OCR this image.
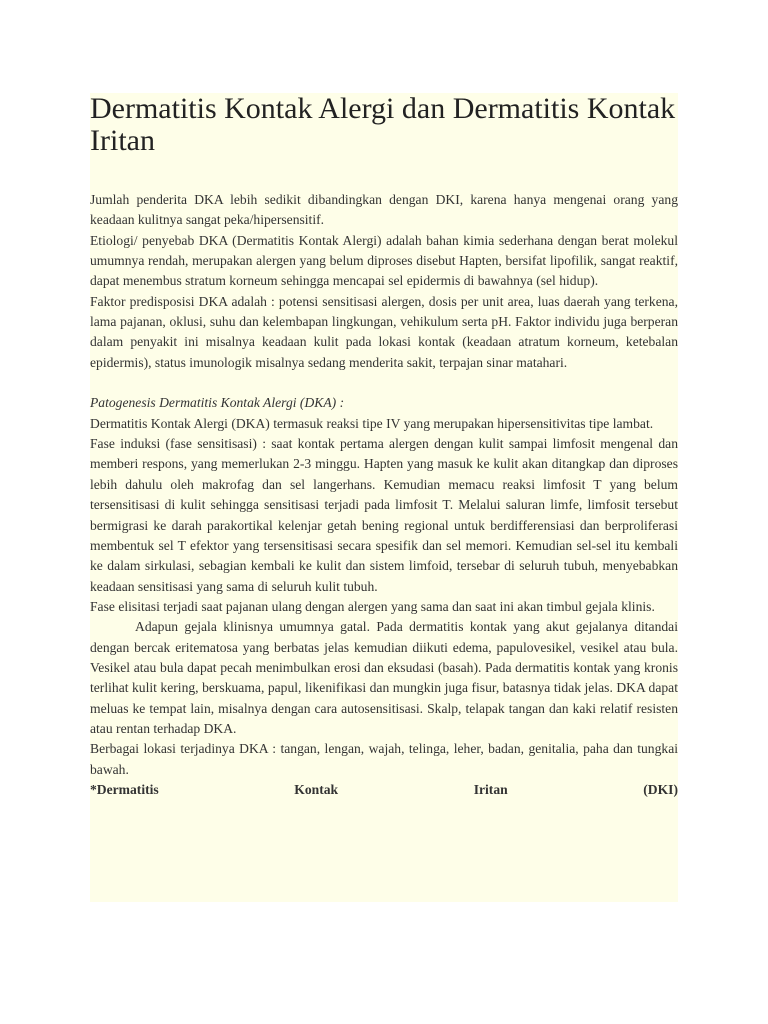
Dermatitis Kontak Alergi dan Dermatitis Kontak Iritan

Jumlah penderita DKA lebih sedikit dibandingkan dengan DKI, karena hanya mengenai orang yang keadaan kulitnya sangat peka/hipersensitif.

Etiologi/ penyebab DKA (Dermatitis Kontak Alergi) adalah bahan kimia sederhana dengan berat molekul umumnya rendah, merupakan alergen yang belum diproses disebut Hapten, bersifat lipofilik, sangat reaktif, dapat menembus stratum korneum sehingga mencapai sel epidermis di bawahnya (sel hidup).

Faktor predisposisi DKA adalah : potensi sensitisasi alergen, dosis per unit area, luas daerah yang terkena, lama pajanan, oklusi, suhu dan kelembapan lingkungan, vehikulum serta pH. Faktor individu juga berperan dalam penyakit ini misalnya keadaan kulit pada lokasi kontak (keadaan atratum korneum, ketebalan epidermis), status imunologik misalnya sedang menderita sakit, terpajan sinar matahari.

Patogenesis Dermatitis Kontak Alergi (DKA) :

Dermatitis Kontak Alergi (DKA) termasuk reaksi tipe IV yang merupakan hipersensitivitas tipe lambat.

Fase induksi (fase sensitisasi) : saat kontak pertama alergen dengan kulit sampai limfosit mengenal dan memberi respons, yang memerlukan 2-3 minggu. Hapten yang masuk ke kulit akan ditangkap dan diproses lebih dahulu oleh makrofag dan sel langerhans. Kemudian memacu reaksi limfosit T yang belum tersensitisasi di kulit sehingga sensitisasi terjadi pada limfosit T. Melalui saluran limfe, limfosit tersebut bermigrasi ke darah parakortikal kelenjar getah bening regional untuk berdifferensiasi dan berproliferasi membentuk sel T efektor yang tersensitisasi secara spesifik dan sel memori. Kemudian sel-sel itu kembali ke dalam sirkulasi, sebagian kembali ke kulit dan sistem limfoid, tersebar di seluruh tubuh, menyebabkan keadaan sensitisasi yang sama di seluruh kulit tubuh.

Fase elisitasi terjadi saat pajanan ulang dengan alergen yang sama dan saat ini akan timbul gejala klinis.

Adapun gejala klinisnya umumnya gatal. Pada dermatitis kontak yang akut gejalanya ditandai dengan bercak eritematosa yang berbatas jelas kemudian diikuti edema, papulovesikel, vesikel atau bula. Vesikel atau bula dapat pecah menimbulkan erosi dan eksudasi (basah). Pada dermatitis kontak yang kronis terlihat kulit kering, berskuama, papul, likenifikasi dan mungkin juga fisur, batasnya tidak jelas. DKA dapat meluas ke tempat lain, misalnya dengan cara autosensitisasi. Skalp, telapak tangan dan kaki relatif resisten atau rentan terhadap DKA.

Berbagai lokasi terjadinya DKA : tangan, lengan, wajah, telinga, leher, badan, genitalia, paha dan tungkai bawah.

*Dermatitis	Kontak	Iritan	(DKI)
